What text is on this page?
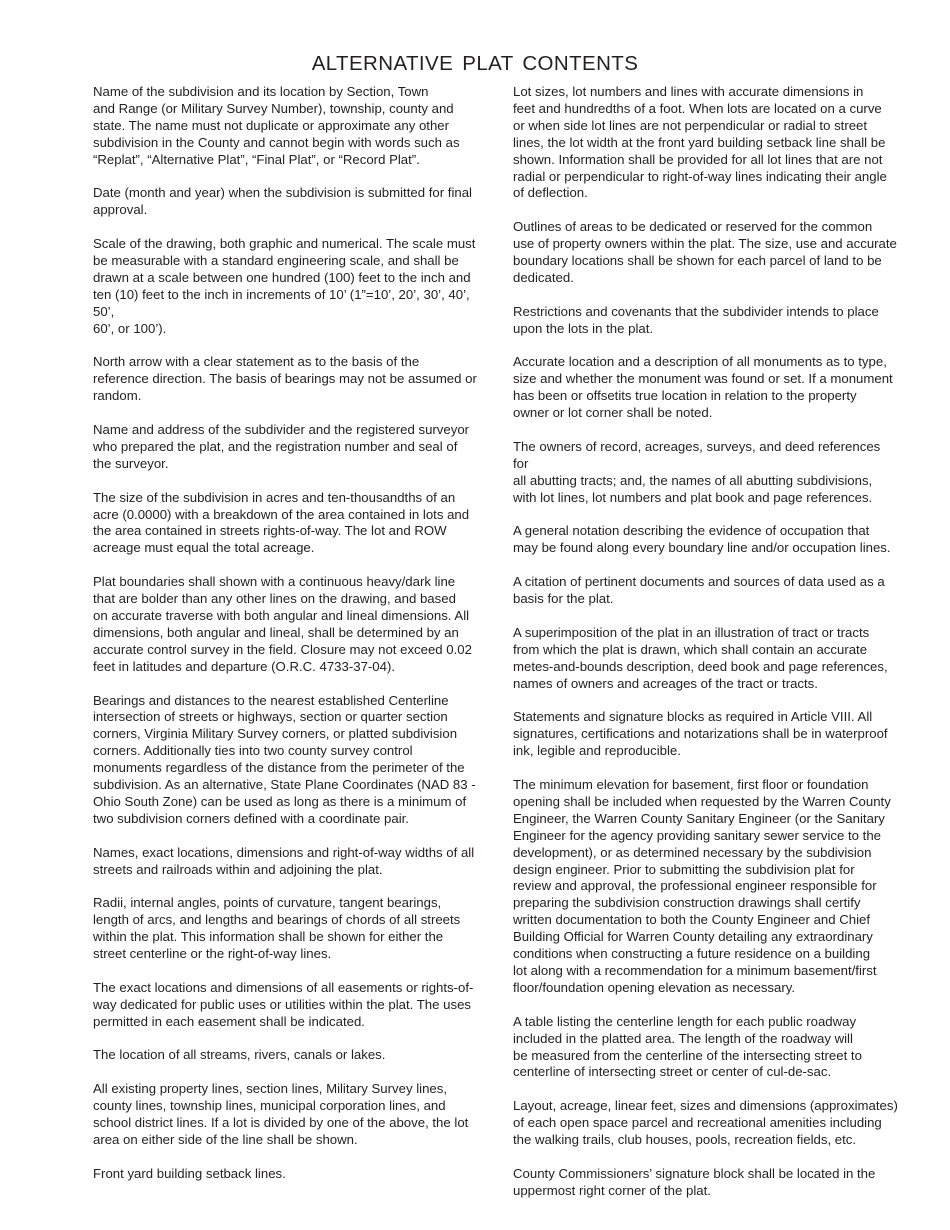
ALTERNATIVE PLAT CONTENTS
Name of the subdivision and its location by Section, Town
and Range (or Military Survey Number), township, county and
state. The name must not duplicate or approximate any other
subdivision in the County and cannot begin with words such as
“Replat”, “Alternative Plat”, “Final Plat”, or “Record Plat”.
Date (month and year) when the subdivision is submitted for final
approval.
Scale of the drawing, both graphic and numerical. The scale must
be measurable with a standard engineering scale, and shall be
drawn at a scale between one hundred (100) feet to the inch and
ten (10) feet to the inch in increments of 10’ (1”=10’, 20’, 30’, 40’, 50’,
60’, or 100’).
North arrow with a clear statement as to the basis of the
reference direction. The basis of bearings may not be assumed or
random.
Name and address of the subdivider and the registered surveyor
who prepared the plat, and the registration number and seal of
the surveyor.
The size of the subdivision in acres and ten-thousandths of an
acre (0.0000) with a breakdown of the area contained in lots and
the area contained in streets rights-of-way. The lot and ROW
acreage must equal the total acreage.
Plat boundaries shall shown with a continuous heavy/dark line
that are bolder than any other lines on the drawing, and based
on accurate traverse with both angular and lineal dimensions. All
dimensions, both angular and lineal, shall be determined by an
accurate control survey in the field. Closure may not exceed 0.02
feet in latitudes and departure (O.R.C. 4733-37-04).
Bearings and distances to the nearest established Centerline
intersection of streets or highways, section or quarter section
corners, Virginia Military Survey corners, or platted subdivision
corners. Additionally ties into two county survey control
monuments regardless of the distance from the perimeter of the
subdivision. As an alternative, State Plane Coordinates (NAD 83 -
Ohio South Zone) can be used as long as there is a minimum of
two subdivision corners defined with a coordinate pair.
Names, exact locations, dimensions and right-of-way widths of all
streets and railroads within and adjoining the plat.
Radii, internal angles, points of curvature, tangent bearings,
length of arcs, and lengths and bearings of chords of all streets
within the plat. This information shall be shown for either the
street centerline or the right-of-way lines.
The exact locations and dimensions of all easements or rights-of-
way dedicated for public uses or utilities within the plat. The uses
permitted in each easement shall be indicated.
The location of all streams, rivers, canals or lakes.
All existing property lines, section lines, Military Survey lines,
county lines, township lines, municipal corporation lines, and
school district lines. If a lot is divided by one of the above, the lot
area on either side of the line shall be shown.
Front yard building setback lines.
Lot sizes, lot numbers and lines with accurate dimensions in
feet and hundredths of a foot. When lots are located on a curve
or when side lot lines are not perpendicular or radial to street
lines, the lot width at the front yard building setback line shall be
shown. Information shall be provided for all lot lines that are not
radial or perpendicular to right-of-way lines indicating their angle
of deflection.
Outlines of areas to be dedicated or reserved for the common
use of property owners within the plat. The size, use and accurate
boundary locations shall be shown for each parcel of land to be
dedicated.
Restrictions and covenants that the subdivider intends to place
upon the lots in the plat.
Accurate location and a description of all monuments as to type,
size and whether the monument was found or set. If a monument
has been or offsetits true location in relation to the property
owner or lot corner shall be noted.
The owners of record, acreages, surveys, and deed references for
all abutting tracts; and, the names of all abutting subdivisions,
with lot lines, lot numbers and plat book and page references.
A general notation describing the evidence of occupation that
may be found along every boundary line and/or occupation lines.
A citation of pertinent documents and sources of data used as a
basis for the plat.
A superimposition of the plat in an illustration of tract or tracts
from which the plat is drawn, which shall contain an accurate
metes-and-bounds description, deed book and page references,
names of owners and acreages of the tract or tracts.
Statements and signature blocks as required in Article VIII. All
signatures, certifications and notarizations shall be in waterproof
ink, legible and reproducible.
The minimum elevation for basement, first floor or foundation
opening shall be included when requested by the Warren County
Engineer, the Warren County Sanitary Engineer (or the Sanitary
Engineer for the agency providing sanitary sewer service to the
development), or as determined necessary by the subdivision
design engineer. Prior to submitting the subdivision plat for
review and approval, the professional engineer responsible for
preparing the subdivision construction drawings shall certify
written documentation to both the County Engineer and Chief
Building Official for Warren County detailing any extraordinary
conditions when constructing a future residence on a building
lot along with a recommendation for a minimum basement/first
floor/foundation opening elevation as necessary.
A table listing the centerline length for each public roadway
included in the platted area. The length of the roadway will
be measured from the centerline of the intersecting street to
centerline of intersecting street or center of cul-de-sac.
Layout, acreage, linear feet, sizes and dimensions (approximates)
of each open space parcel and recreational amenities including
the walking trails, club houses, pools, recreation fields, etc.
County Commissioners’ signature block shall be located in the
uppermost right corner of the plat.
